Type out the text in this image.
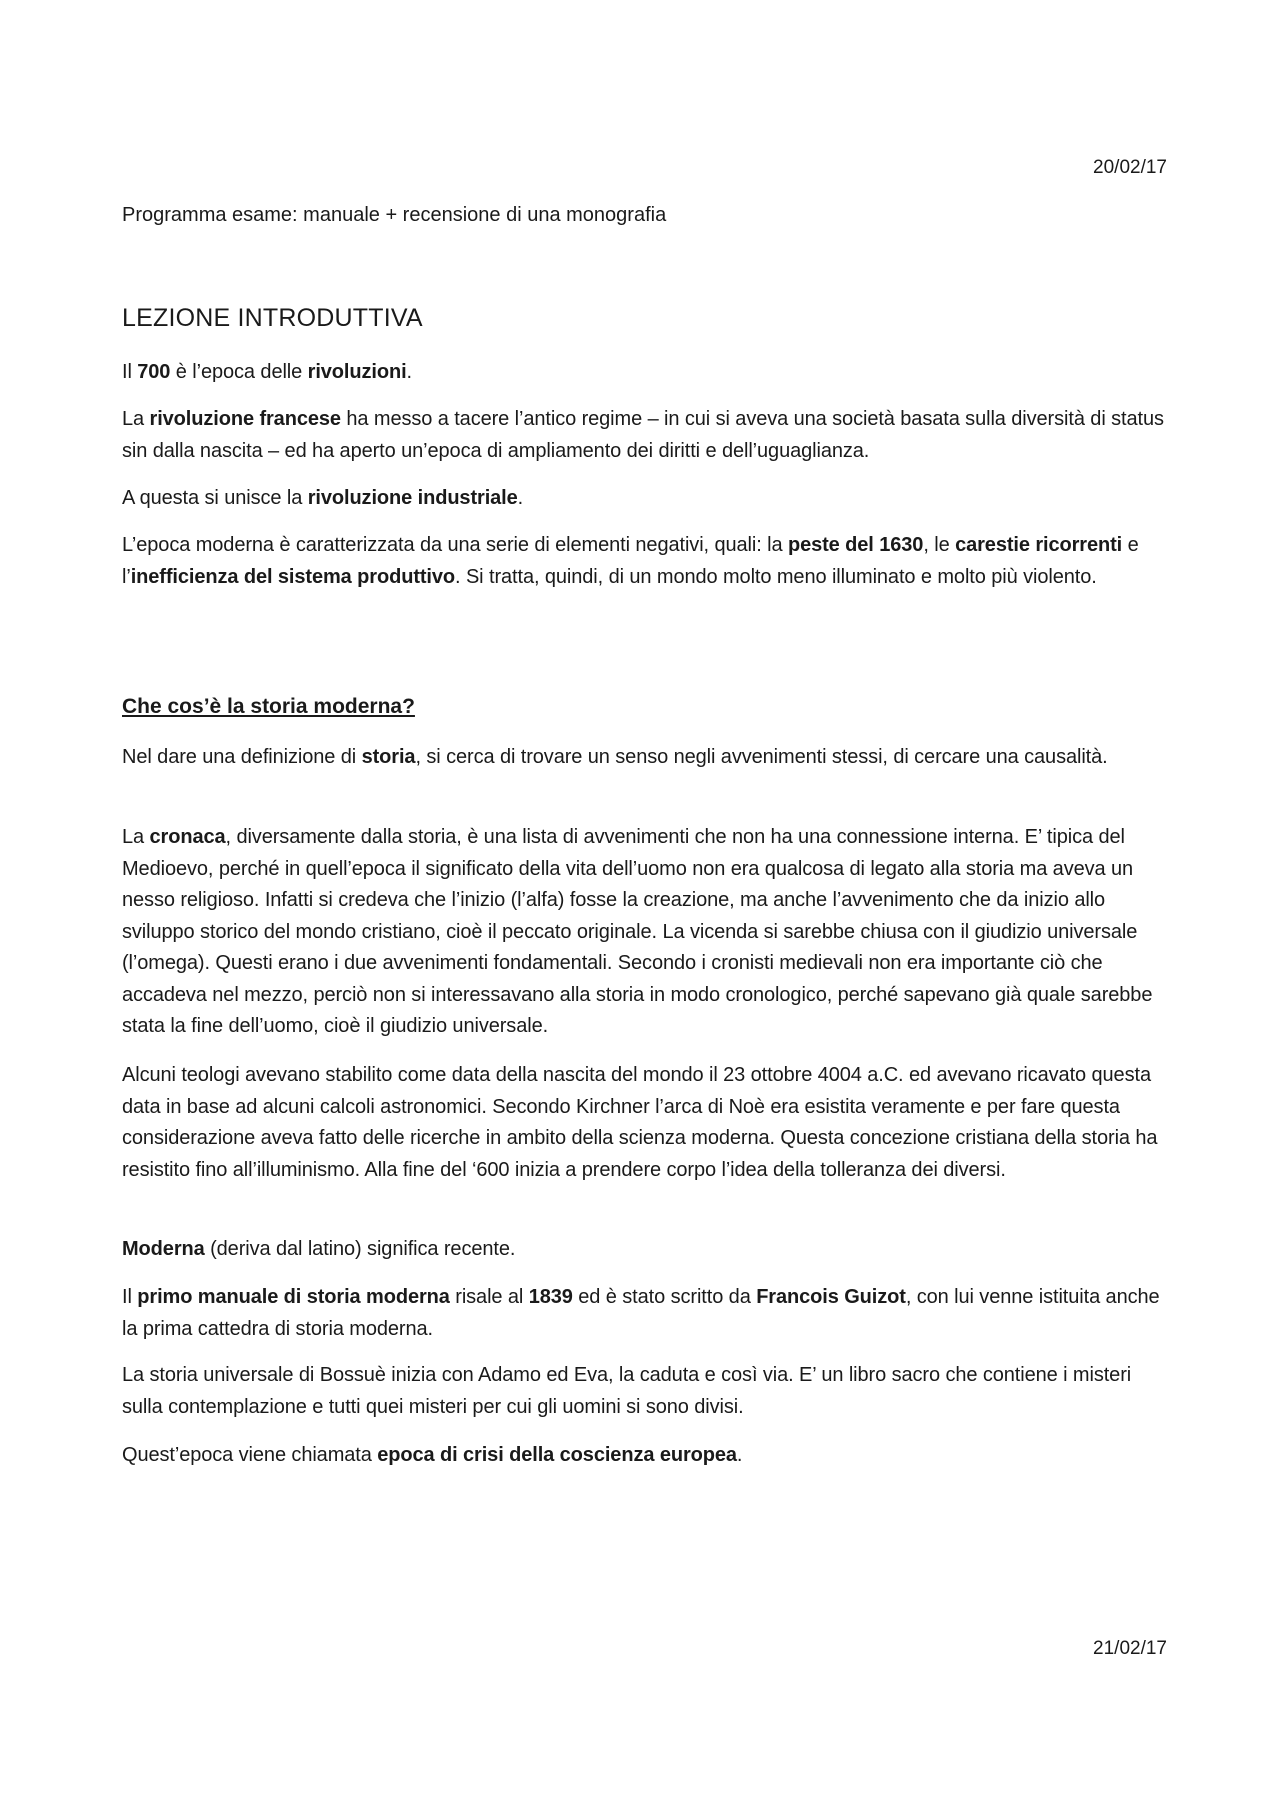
20/02/17

Programma esame: manuale + recensione di una monografia

LEZIONE INTRODUTTIVA

Il 700 è l’epoca delle rivoluzioni.

La rivoluzione francese ha messo a tacere l’antico regime – in cui si aveva una società basata sulla diversità di status sin dalla nascita – ed ha aperto un’epoca di ampliamento dei diritti e dell’uguaglianza.

A questa si unisce la rivoluzione industriale.

L’epoca moderna è caratterizzata da una serie di elementi negativi, quali: la peste del 1630, le carestie ricorrenti e l’inefficienza del sistema produttivo. Si tratta, quindi, di un mondo molto meno illuminato e molto più violento.

Che cos’è la storia moderna?

Nel dare una definizione di storia, si cerca di trovare un senso negli avvenimenti stessi, di cercare una causalità.

La cronaca, diversamente dalla storia, è una lista di avvenimenti che non ha una connessione interna. E’ tipica del Medioevo, perché in quell’epoca il significato della vita dell’uomo non era qualcosa di legato alla storia ma aveva un nesso religioso. Infatti si credeva che l’inizio (l’alfa) fosse la creazione, ma anche l’avvenimento che da inizio allo sviluppo storico del mondo cristiano, cioè il peccato originale. La vicenda si sarebbe chiusa con il giudizio universale (l’omega). Questi erano i due avvenimenti fondamentali. Secondo i cronisti medievali non era importante ciò che accadeva nel mezzo, perciò non si interessavano alla storia in modo cronologico, perché sapevano già quale sarebbe stata la fine dell’uomo, cioè il giudizio universale.

Alcuni teologi avevano stabilito come data della nascita del mondo il 23 ottobre 4004 a.C. ed avevano ricavato questa data in base ad alcuni calcoli astronomici. Secondo Kirchner l’arca di Noè era esistita veramente e per fare questa considerazione aveva fatto delle ricerche in ambito della scienza moderna. Questa concezione cristiana della storia ha resistito fino all’illuminismo. Alla fine del ‘600 inizia a prendere corpo l’idea della tolleranza dei diversi.

Moderna (deriva dal latino) significa recente.

Il primo manuale di storia moderna risale al 1839 ed è stato scritto da Francois Guizot, con lui venne istituita anche la prima cattedra di storia moderna.

La storia universale di Bossuè inizia con Adamo ed Eva, la caduta e così via. E’ un libro sacro che contiene i misteri sulla contemplazione e tutti quei misteri per cui gli uomini si sono divisi.

Quest’epoca viene chiamata epoca di crisi della coscienza europea.

21/02/17
